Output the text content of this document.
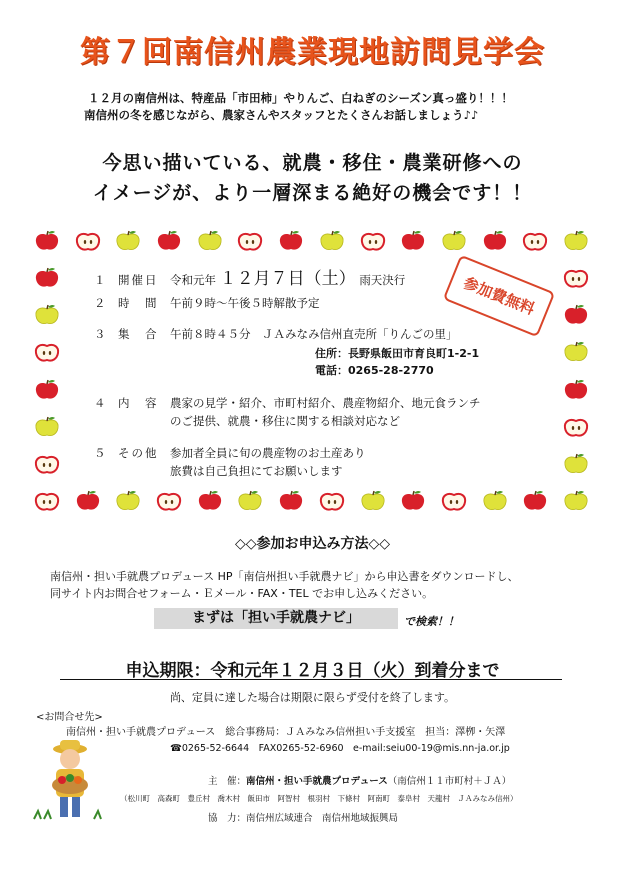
第７回南信州農業現地訪問見学会
１２月の南信州は、特産品「市田柿」やりんご、白ねぎのシーズン真っ盛り！！！
南信州の冬を感じながら、農家さんやスタッフとたくさんお話しましょう♪♪
今思い描いている、就農・移住・農業研修への
イメージが、より一層深まる絶好の機会です！！
参加費無料
１ 開催日 令和元年 １２月７日（土） 雨天決行
２ 時　間 午前９時～午後５時解散予定
３ 集　合 午前８時４５分　ＪＡみなみ信州直売所「りんごの里」
住所：長野県飯田市育良町1-2-1
電話：0265-28-2770
４ 内　容 農家の見学・紹介、市町村紹介、農産物紹介、地元食ランチ
のご提供、就農・移住に関する相談対応など
５ その他 参加者全員に旬の農産物のお土産あり
旅費は自己負担にてお願いします
◇◇参加お申込み方法◇◇
南信州・担い手就農プロデュース HP「南信州担い手就農ナビ」から申込書をダウンロードし、
同サイト内お問合せフォーム・Ｅメール・FAX・TEL でお申し込みください。
まずは「担い手就農ナビ」	で検索！！
申込期限：令和元年１２月３日（火）到着分まで
尚、定員に達した場合は期限に限らず受付を終了します。
<お問合せ先>
南信州・担い手就農プロデュース　総合事務局：ＪＡみなみ信州担い手支援室　担当：澤栁・矢澤
☎0265-52-6644　FAX0265-52-6960　e-mail:seiu00-19@mis.nn-ja.or.jp
主　催：南信州・担い手就農プロデュース（南信州１１市町村＋ＪＡ）
（松川町　高森町　豊丘村　喬木村　飯田市　阿智村　根羽村　下條村　阿南町　泰阜村　天龍村　ＪＡみなみ信州）
協　力：南信州広域連合　南信州地域振興局
